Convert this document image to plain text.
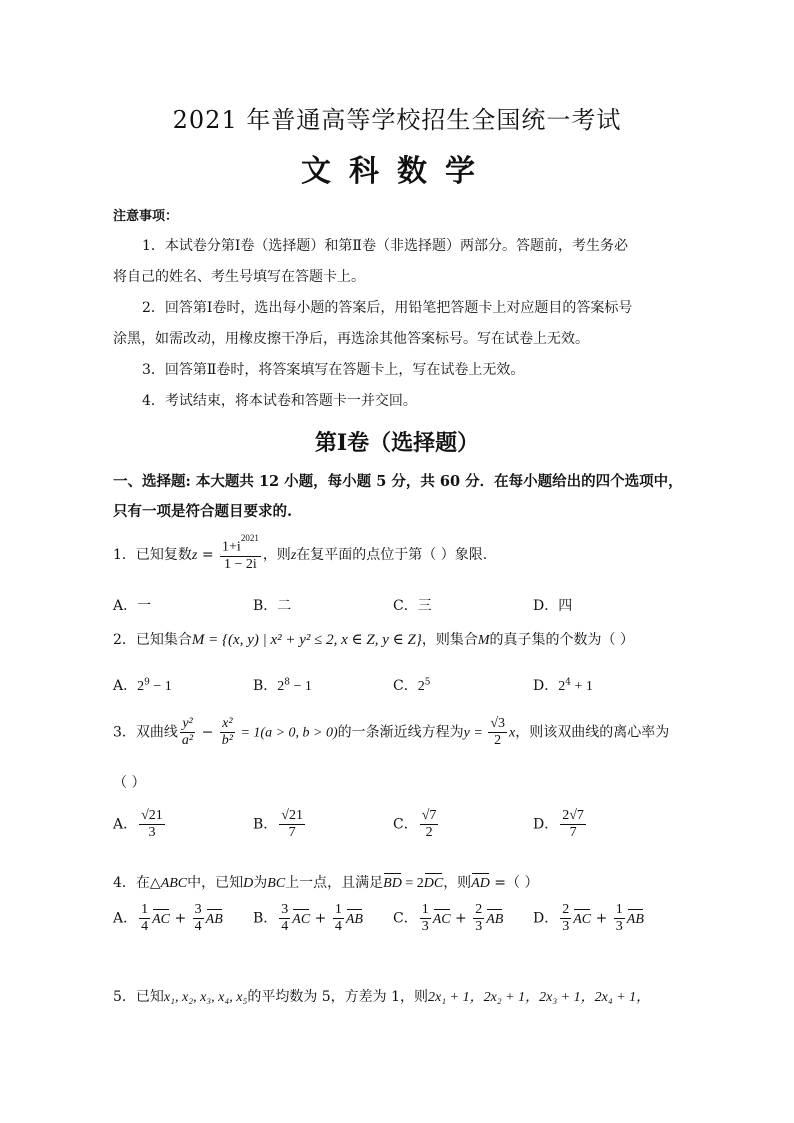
2021 年普通高等学校招生全国统一考试
文科数学
注意事项：
1．本试卷分第Ⅰ卷（选择题）和第Ⅱ卷（非选择题）两部分。答题前，考生务必
将自己的姓名、考生号填写在答题卡上。
2．回答第Ⅰ卷时，选出每小题的答案后，用铅笔把答题卡上对应题目的答案标号
涂黑，如需改动，用橡皮擦干净后，再选涂其他答案标号。写在试卷上无效。
3．回答第Ⅱ卷时，将答案填写在答题卡上，写在试卷上无效。
4．考试结束，将本试卷和答题卡一并交回。
第Ⅰ卷（选择题）
一、选择题: 本大题共 12 小题，每小题 5 分，共 60 分．在每小题给出的四个选项中，
只有一项是符合题目要求的.
1．已知复数$z = \frac{1+i^{2021}}{1 - 2i}$ ，则z在复平面的点位于第（ ）象限.
A．一	B．二	C．三	D．四
2．已知集合M = {(x, y) | x² + y² ≤ 2, x ∈ Z, y ∈ Z}，则集合M的真子集的个数为（ ）
A．$2^9 - 1$	B．$2^8 - 1$	C．$2^5$	D．$2^4 + 1$
3．双曲线 $\frac{\text{y²}}{\text{a²}} - \frac{\text{x²}}{\text{b²}} = 1(a > 0$, b > 0)的一条渐近线方程为$y = \frac{√3}{2}$ x，则该双曲线的离心率为
（ ）
A． $\frac{√21}{3}$	B． $\frac{√21}{7}$	C． $\frac{√7}{2}$	D． $\frac{2√7}{7}$
4．在△ABC中，已知D为BC上一点，且满足BD = 2DC，则AD =（ ）
A． $\frac{1}{4}$ AC + $\frac{3}{4}$ AB B． $\frac{3}{4}$ AC + $\frac{1}{4}$ AB C． $\frac{1}{3}$ AC + $\frac{2}{3}$ AB D． $\frac{2}{3}$ AC + $\frac{1}{3}$ AB
5．已知x₁, x₂, x₃, x₄, x₅的平均数为 5，方差为 1，则2x₁ + 1，2x₂ + 1，2x₃ + 1，2x₄ + 1，
